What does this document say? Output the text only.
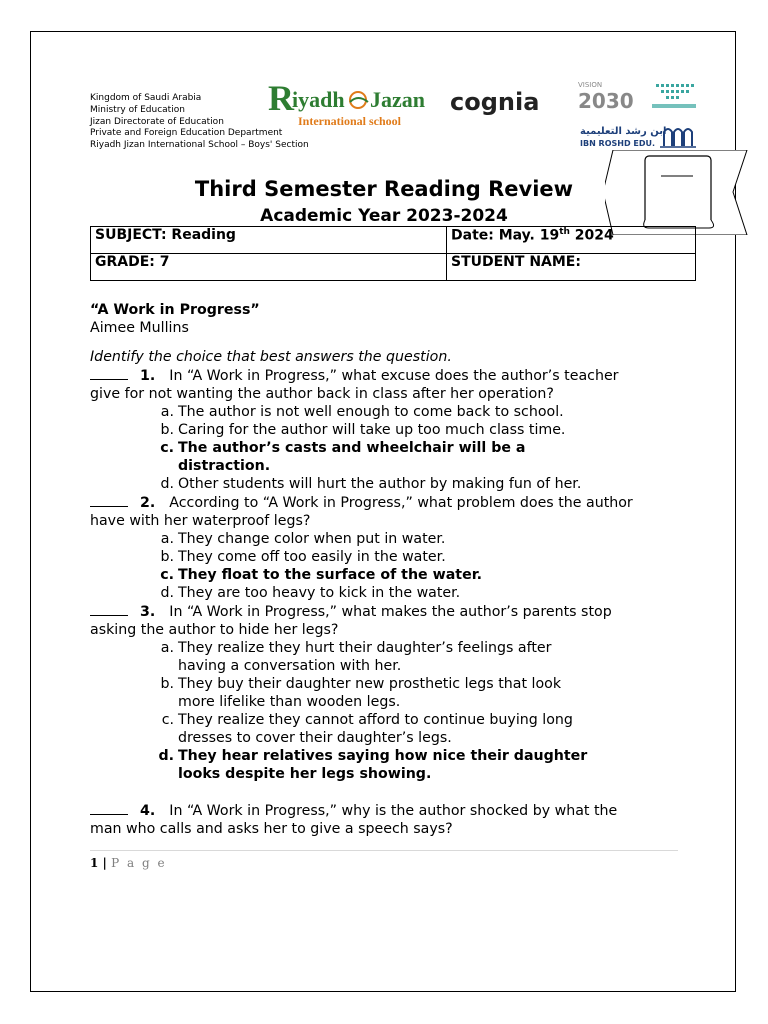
Kingdom of Saudi Arabia
Ministry of Education
Jizan Directorate of Education
Private and Foreign Education Department
Riyadh Jizan International School – Boys' Section
R
iyadh Jazan
International school
cognia
VISION
2030
ابن رشد التعليمية
IBN ROSHD EDU.
Third Semester Reading Review
Academic Year 2023-2024
SUBJECT: Reading	Date: May. 19th 2024
GRADE: 7	STUDENT NAME:
“A Work in Progress”
Aimee Mullins
Identify the choice that best answers the question.
1. In “A Work in Progress,” what excuse does the author’s teacher
give for not wanting the author back in class after her operation?
a. The author is not well enough to come back to school.
b. Caring for the author will take up too much class time.
c. The author’s casts and wheelchair will be a
distraction.
d. Other students will hurt the author by making fun of her.
2. According to “A Work in Progress,” what problem does the author
have with her waterproof legs?
a. They change color when put in water.
b. They come off too easily in the water.
c. They float to the surface of the water.
d. They are too heavy to kick in the water.
3. In “A Work in Progress,” what makes the author’s parents stop
asking the author to hide her legs?
a. They realize they hurt their daughter’s feelings after
having a conversation with her.
b. They buy their daughter new prosthetic legs that look
more lifelike than wooden legs.
c. They realize they cannot afford to continue buying long
dresses to cover their daughter’s legs.
d. They hear relatives saying how nice their daughter
looks despite her legs showing.
4. In “A Work in Progress,” why is the author shocked by what the
man who calls and asks her to give a speech says?
1 | P a g e
